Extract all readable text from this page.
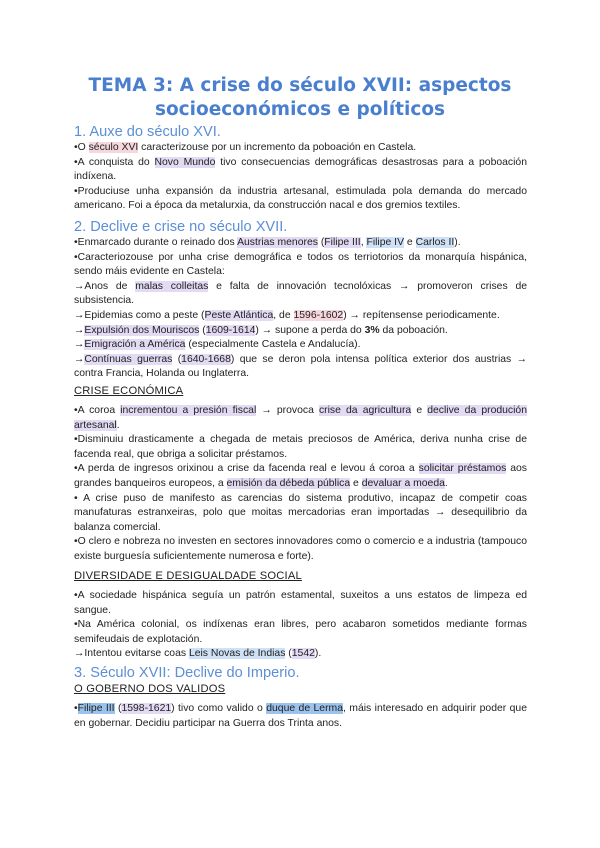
TEMA 3: A crise do século XVII: aspectos
socioeconómicos e políticos
1. Auxe do século XVI.

•O século XVI caracterizouse por un incremento da poboación en Castela.

•A conquista do Novo Mundo tivo consecuencias demográficas desastrosas para a poboación indíxena.

•Produciuse unha expansión da industria artesanal, estimulada pola demanda do mercado americano. Foi a época da metalurxia, da construcción nacal e dos gremios textiles.

2. Declive e crise no século XVII.

•Enmarcado durante o reinado dos Austrias menores (Filipe III, Filipe IV e Carlos II).

•Caracteriozouse por unha crise demográfica e todos os terriotorios da monarquía hispánica, sendo máis evidente en Castela:

→Anos de malas colleitas e falta de innovación tecnolóxicas → promoveron crises de subsistencia.

→Epidemias como a peste (Peste Atlántica, de 1596-1602) → repítensense periodicamente.

→Expulsión dos Mouriscos (1609-1614) → supone a perda do 3% da poboación.

→Emigración a América (especialmente Castela e Andalucía).

→Contínuas guerras (1640-1668) que se deron pola intensa política exterior dos austrias → contra Francia, Holanda ou Inglaterra.

CRISE ECONÓMICA

•A coroa incrementou a presión fiscal → provoca crise da agricultura e declive da produción artesanal.

•Disminuiu drasticamente a chegada de metais preciosos de América, deriva nunha crise de facenda real, que obriga a solicitar préstamos.

•A perda de ingresos orixinou a crise da facenda real e levou á coroa a solicitar préstamos aos grandes banqueiros europeos, a emisión da débeda pública e devaluar a moeda.

• A crise puso de manifesto as carencias do sistema produtivo, incapaz de competir coas manufaturas estranxeiras, polo que moitas mercadorias eran importadas → desequilibrio da balanza comercial.

•O clero e nobreza no investen en sectores innovadores como o comercio e a industria (tampouco existe burguesía suficientemente numerosa e forte).

DIVERSIDADE E DESIGUALDADE SOCIAL

•A sociedade hispánica seguía un patrón estamental, suxeitos a uns estatos de limpeza ed sangue.

•Na América colonial, os indíxenas eran libres, pero acabaron sometidos mediante formas semifeudais de explotación.

→Intentou evitarse coas Leis Novas de Indias (1542).

3. Século XVII: Declive do Imperio.
O GOBERNO DOS VALIDOS

•Filipe III (1598-1621) tivo como valido o duque de Lerma, máis interesado en adquirir poder que en gobernar. Decidiu participar na Guerra dos Trinta anos.
